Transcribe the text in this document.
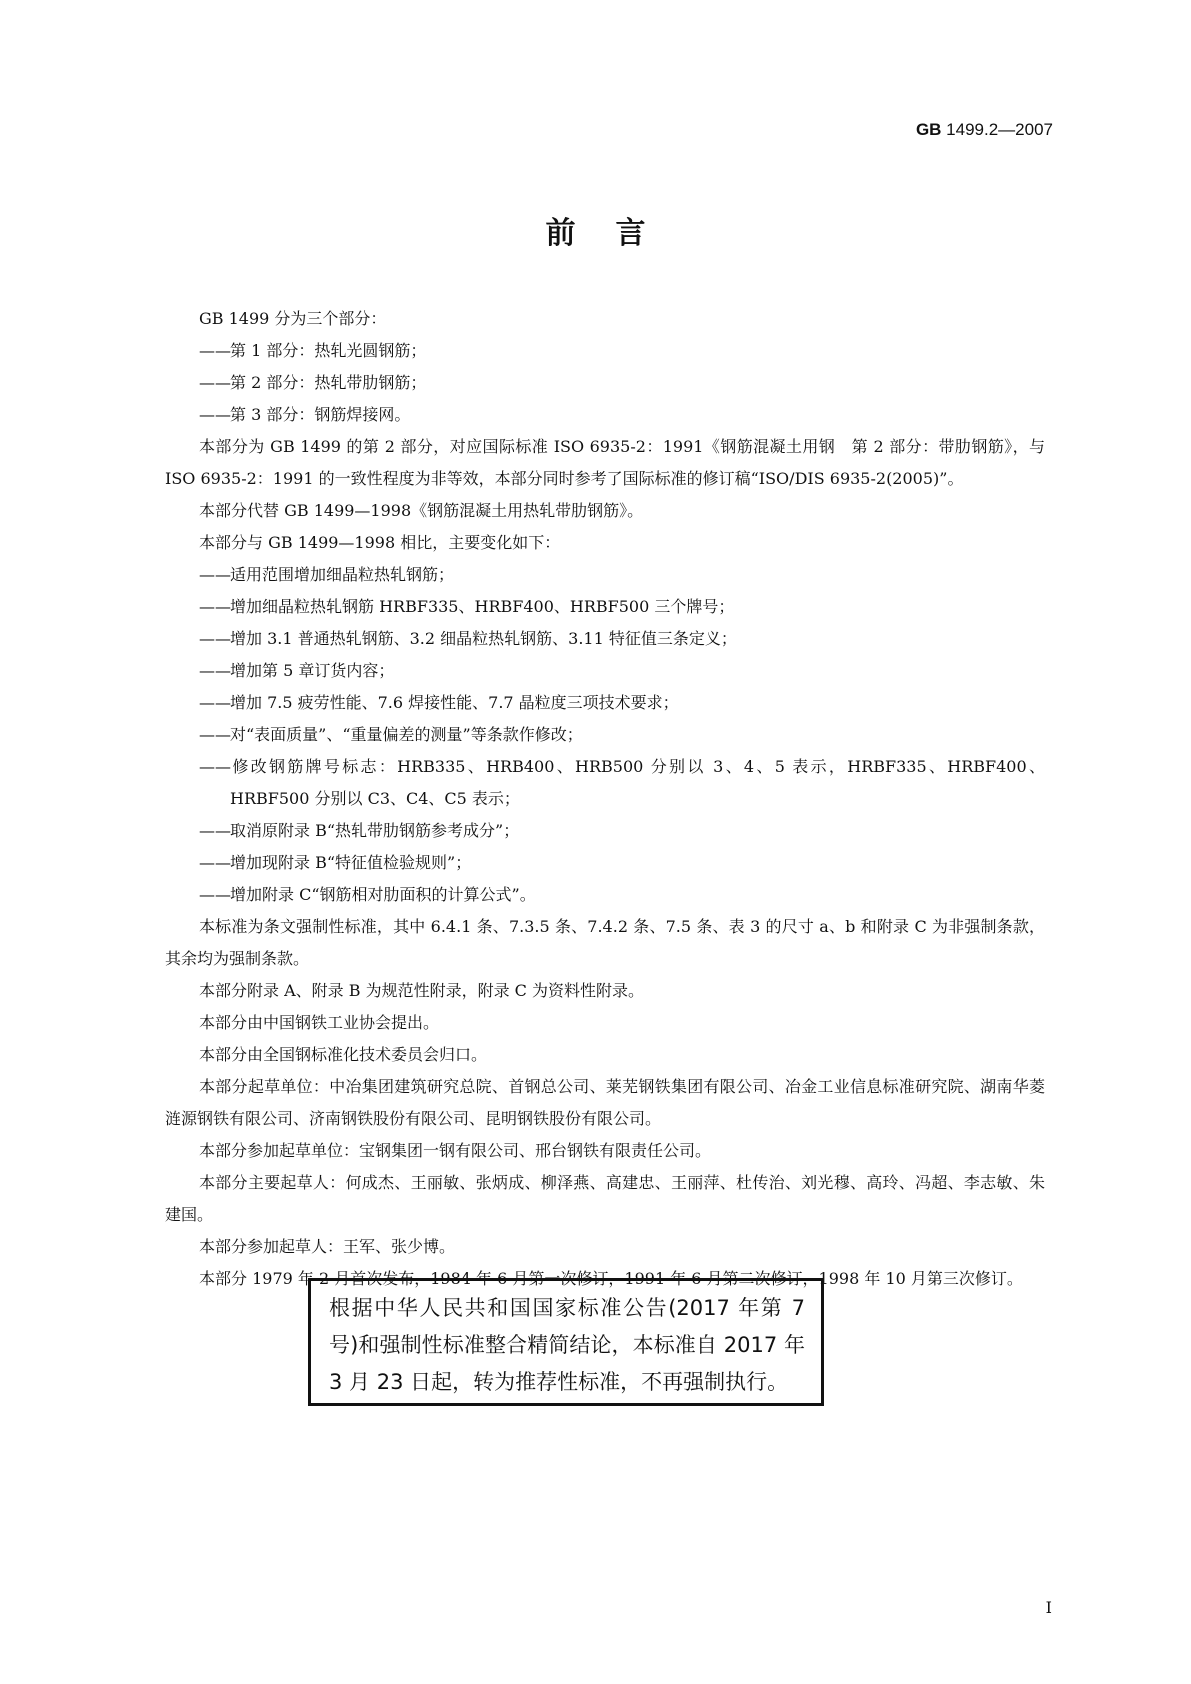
GB 1499.2—2007
前言

GB 1499 分为三个部分：

——第 1 部分：热轧光圆钢筋；

——第 2 部分：热轧带肋钢筋；

——第 3 部分：钢筋焊接网。

本部分为 GB 1499 的第 2 部分，对应国际标准 ISO 6935-2：1991《钢筋混凝土用钢　第 2 部分：带肋钢筋》，与 ISO 6935-2：1991 的一致性程度为非等效，本部分同时参考了国际标准的修订稿“ISO/DIS 6935-2(2005)”。

本部分代替 GB 1499—1998《钢筋混凝土用热轧带肋钢筋》。

本部分与 GB 1499—1998 相比，主要变化如下：

——适用范围增加细晶粒热轧钢筋；

——增加细晶粒热轧钢筋 HRBF335、HRBF400、HRBF500 三个牌号；

——增加 3.1 普通热轧钢筋、3.2 细晶粒热轧钢筋、3.11 特征值三条定义；

——增加第 5 章订货内容；

——增加 7.5 疲劳性能、7.6 焊接性能、7.7 晶粒度三项技术要求；

——对“表面质量”、“重量偏差的测量”等条款作修改；

——修改钢筋牌号标志：HRB335、HRB400、HRB500 分别以 3、4、5 表示，HRBF335、HRBF400、HRBF500 分别以 C3、C4、C5 表示；

——取消原附录 B“热轧带肋钢筋参考成分”；

——增加现附录 B“特征值检验规则”；

——增加附录 C“钢筋相对肋面积的计算公式”。

本标准为条文强制性标准，其中 6.4.1 条、7.3.5 条、7.4.2 条、7.5 条、表 3 的尺寸 a、b 和附录 C 为非强制条款，其余均为强制条款。

本部分附录 A、附录 B 为规范性附录，附录 C 为资料性附录。

本部分由中国钢铁工业协会提出。

本部分由全国钢标准化技术委员会归口。

本部分起草单位：中冶集团建筑研究总院、首钢总公司、莱芜钢铁集团有限公司、冶金工业信息标准研究院、湖南华菱涟源钢铁有限公司、济南钢铁股份有限公司、昆明钢铁股份有限公司。

本部分参加起草单位：宝钢集团一钢有限公司、邢台钢铁有限责任公司。

本部分主要起草人：何成杰、王丽敏、张炳成、柳泽燕、高建忠、王丽萍、杜传治、刘光穆、高玲、冯超、李志敏、朱建国。

本部分参加起草人：王军、张少博。

本部分 1979 年 2 月首次发布，1984 年 6 月第一次修订，1991 年 6 月第二次修订，1998 年 10 月第三次修订。

根据中华人民共和国国家标准公告(2017 年第 7 号)和强制性标准整合精简结论，本标准自 2017 年 3 月 23 日起，转为推荐性标准，不再强制执行。
I
